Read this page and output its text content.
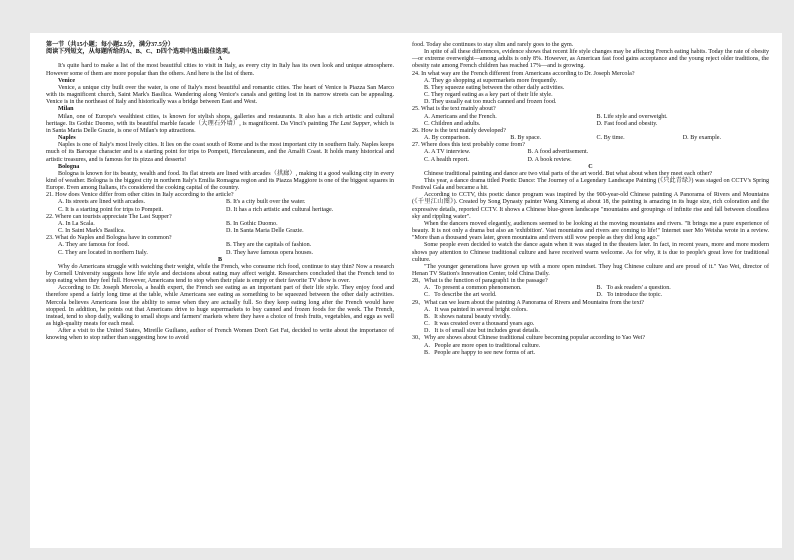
第一节（共15小题；每小题2.5分，满分37.5分）
阅读下列短文，从每题所给的A、B、C、D四个选项中选出最佳选项。
A
It's quite hard to make a list of the most beautiful cities to visit in Italy, as every city in Italy has its own look and unique atmosphere. However some of them are more popular than the others. And here is the list of them.
Venice
Venice, a unique city built over the water, is one of Italy's most beautiful and romantic cities. The heart of Venice is Piazza San Marco with its magnificent church, Saint Mark's Basilica. Wandering along Venice's canals and getting lost in its narrow streets can be appealing. Venice is in the northeast of Italy and historically was a bridge between East and West.
Milan
Milan, one of Europe's wealthiest cities, is known for stylish shops, galleries and restaurants. It also has a rich artistic and cultural heritage. Its Gothic Duomo, with its beautiful marble facade（大理石外墙）, is magnificent. Da Vinci's painting The Last Supper, which is in Santa Maria Delle Grazie, is one of Milan's top attractions.
Naples
Naples is one of Italy's most lively cities. It lies on the coast south of Rome and is the most important city in southern Italy. Naples keeps much of its Baroque character and is a starting point for trips to Pompeii, Herculaneum, and the Amalfi Coast. It holds many historical and artistic treasures, and is famous for its pizza and desserts!
Bologna
Bologna is known for its beauty, wealth and food. Its flat streets are lined with arcades（拱廊）, making it a good walking city in every kind of weather. Bologna is the biggest city in northern Italy's Emilia Romagna region and its Piazza Maggiore is one of the biggest squares in Europe. Even among Italians, it's considered the cooking capital of the country.
21. How does Venice differ from other cities in Italy according to the article?
A. Its streets are lined with arcades.	B. It's a city built over the water.
C. It is a starting point for trips to Pompeii.	D. It has a rich artistic and cultural heritage.
22. Where can tourists appreciate The Last Supper?
A. In La Scala.	B. In Gothic Duomo.
C. In Saint Mark's Basilica.	D. In Santa Maria Delle Grazie.
23. What do Naples and Bologna have in common?
A. They are famous for food.	B. They are the capitals of fashion.
C. They are located in northern Italy.	D. They have famous opera houses.
B
Why do Americans struggle with watching their weight, while the French, who consume rich food, continue to stay thin? Now a research by Cornell University suggests how life style and decisions about eating may affect weight. Researchers concluded that the French tend to stop eating when they feel full. However, Americans tend to stop when their plate is empty or their favorite TV show is over.
According to Dr. Joseph Mercola, a health expert, the French see eating as an important part of their life style. They enjoy food and therefore spend a fairly long time at the table, while Americans see eating as something to be squeezed between the other daily activities. Mercola believes Americans lose the ability to sense when they are actually full. So they keep eating long after the French would have stopped. In addition, he points out that Americans drive to huge supermarkets to buy canned and frozen foods for the week. The French, instead, tend to shop daily, walking to small shops and farmers' markets where they have a choice of fresh fruits, vegetables, and eggs as well as high-quality meats for each meal.
After a visit to the United States, Mireille Guiliano, author of French Women Don't Get Fat, decided to write about the importance of knowing when to stop rather than suggesting how to avoid
food. Today she continues to stay slim and rarely goes to the gym.
In spite of all these differences, evidence shows that recent life style changes may be affecting French eating habits. Today the rate of obesity—or extreme overweight—among adults is only 8%. However, as American fast food gains acceptance and the young reject older traditions, the obesity rate among French children has reached 17%—and is growing.
24. In what way are the French different from Americans according to Dr. Joseph Mercola?
A. They go shopping at supermarkets more frequently.
B. They squeeze eating between the other daily activities.
C. They regard eating as a key part of their life style.
D. They usually eat too much canned and frozen food.
25. What is the text mainly about?
A. Americans and the French.	B. Life style and overweight.
C. Children and adults.	D. Fast food and obesity.
26. How is the text mainly developed?
A. By comparison.	B. By space.	C. By time.	D. By example.
27. Where does this text probably come from?
A. A TV interview.	B. A food advertisement.
C. A health report.	D. A book review.
C
Chinese traditional painting and dance are two vital parts of the art world. But what about when they meet each other?
This year, a dance drama titled Poetic Dance: The Journey of a Legendary Landscape Painting (《只此青绿》) was staged on CCTV's Spring Festival Gala and became a hit.
According to CCTV, this poetic dance program was inspired by the 900-year-old Chinese painting A Panorama of Rivers and Mountains (《千里江山图》). Created by Song Dynasty painter Wang Ximeng at about 18, the painting is amazing in its huge size, rich coloration and the expressive details, reported CCTV. It shows a Chinese blue-green landscape "mountains and groupings of infinite rise and fall between cloudless sky and rippling water".
When the dancers moved elegantly, audiences seemed to be looking at the moving mountains and rivers. "It brings me a pure experience of beauty. It is not only a drama but also an 'exhibition'. Vast mountains and rivers are coming to life!" Internet user Mo Weisha wrote in a review. "More than a thousand years later, green mountains and rivers still wow people as they did long ago."
Some people even decided to watch the dance again when it was staged in the theaters later. In fact, in recent years, more and more modern shows pay attention to Chinese traditional culture and have received warm welcome. As for why, it is due to people's great love for traditional culture.
"The younger generations have grown up with a more open mindset. They hug Chinese culture and are proud of it." Yao Wei, director of Henan TV Station's Innovation Center, told China Daily.
28、What is the function of paragraph1 in the passage?
A．To present a common phenomenon.	B．To ask readers' a question.
C．To describe the art world.	D．To introduce the topic.
29、What can we learn about the painting A Panorama of Rivers and Mountains from the text?
A．It was painted in several bright colors.
B．It shows natural beauty vividly.
C．It was created over a thousand years ago.
D．It is of small size but includes great details.
30、Why are shows about Chinese traditional culture becoming popular according to Yao Wei?
A．People are more open to traditional culture.
B．People are happy to see new forms of art.
